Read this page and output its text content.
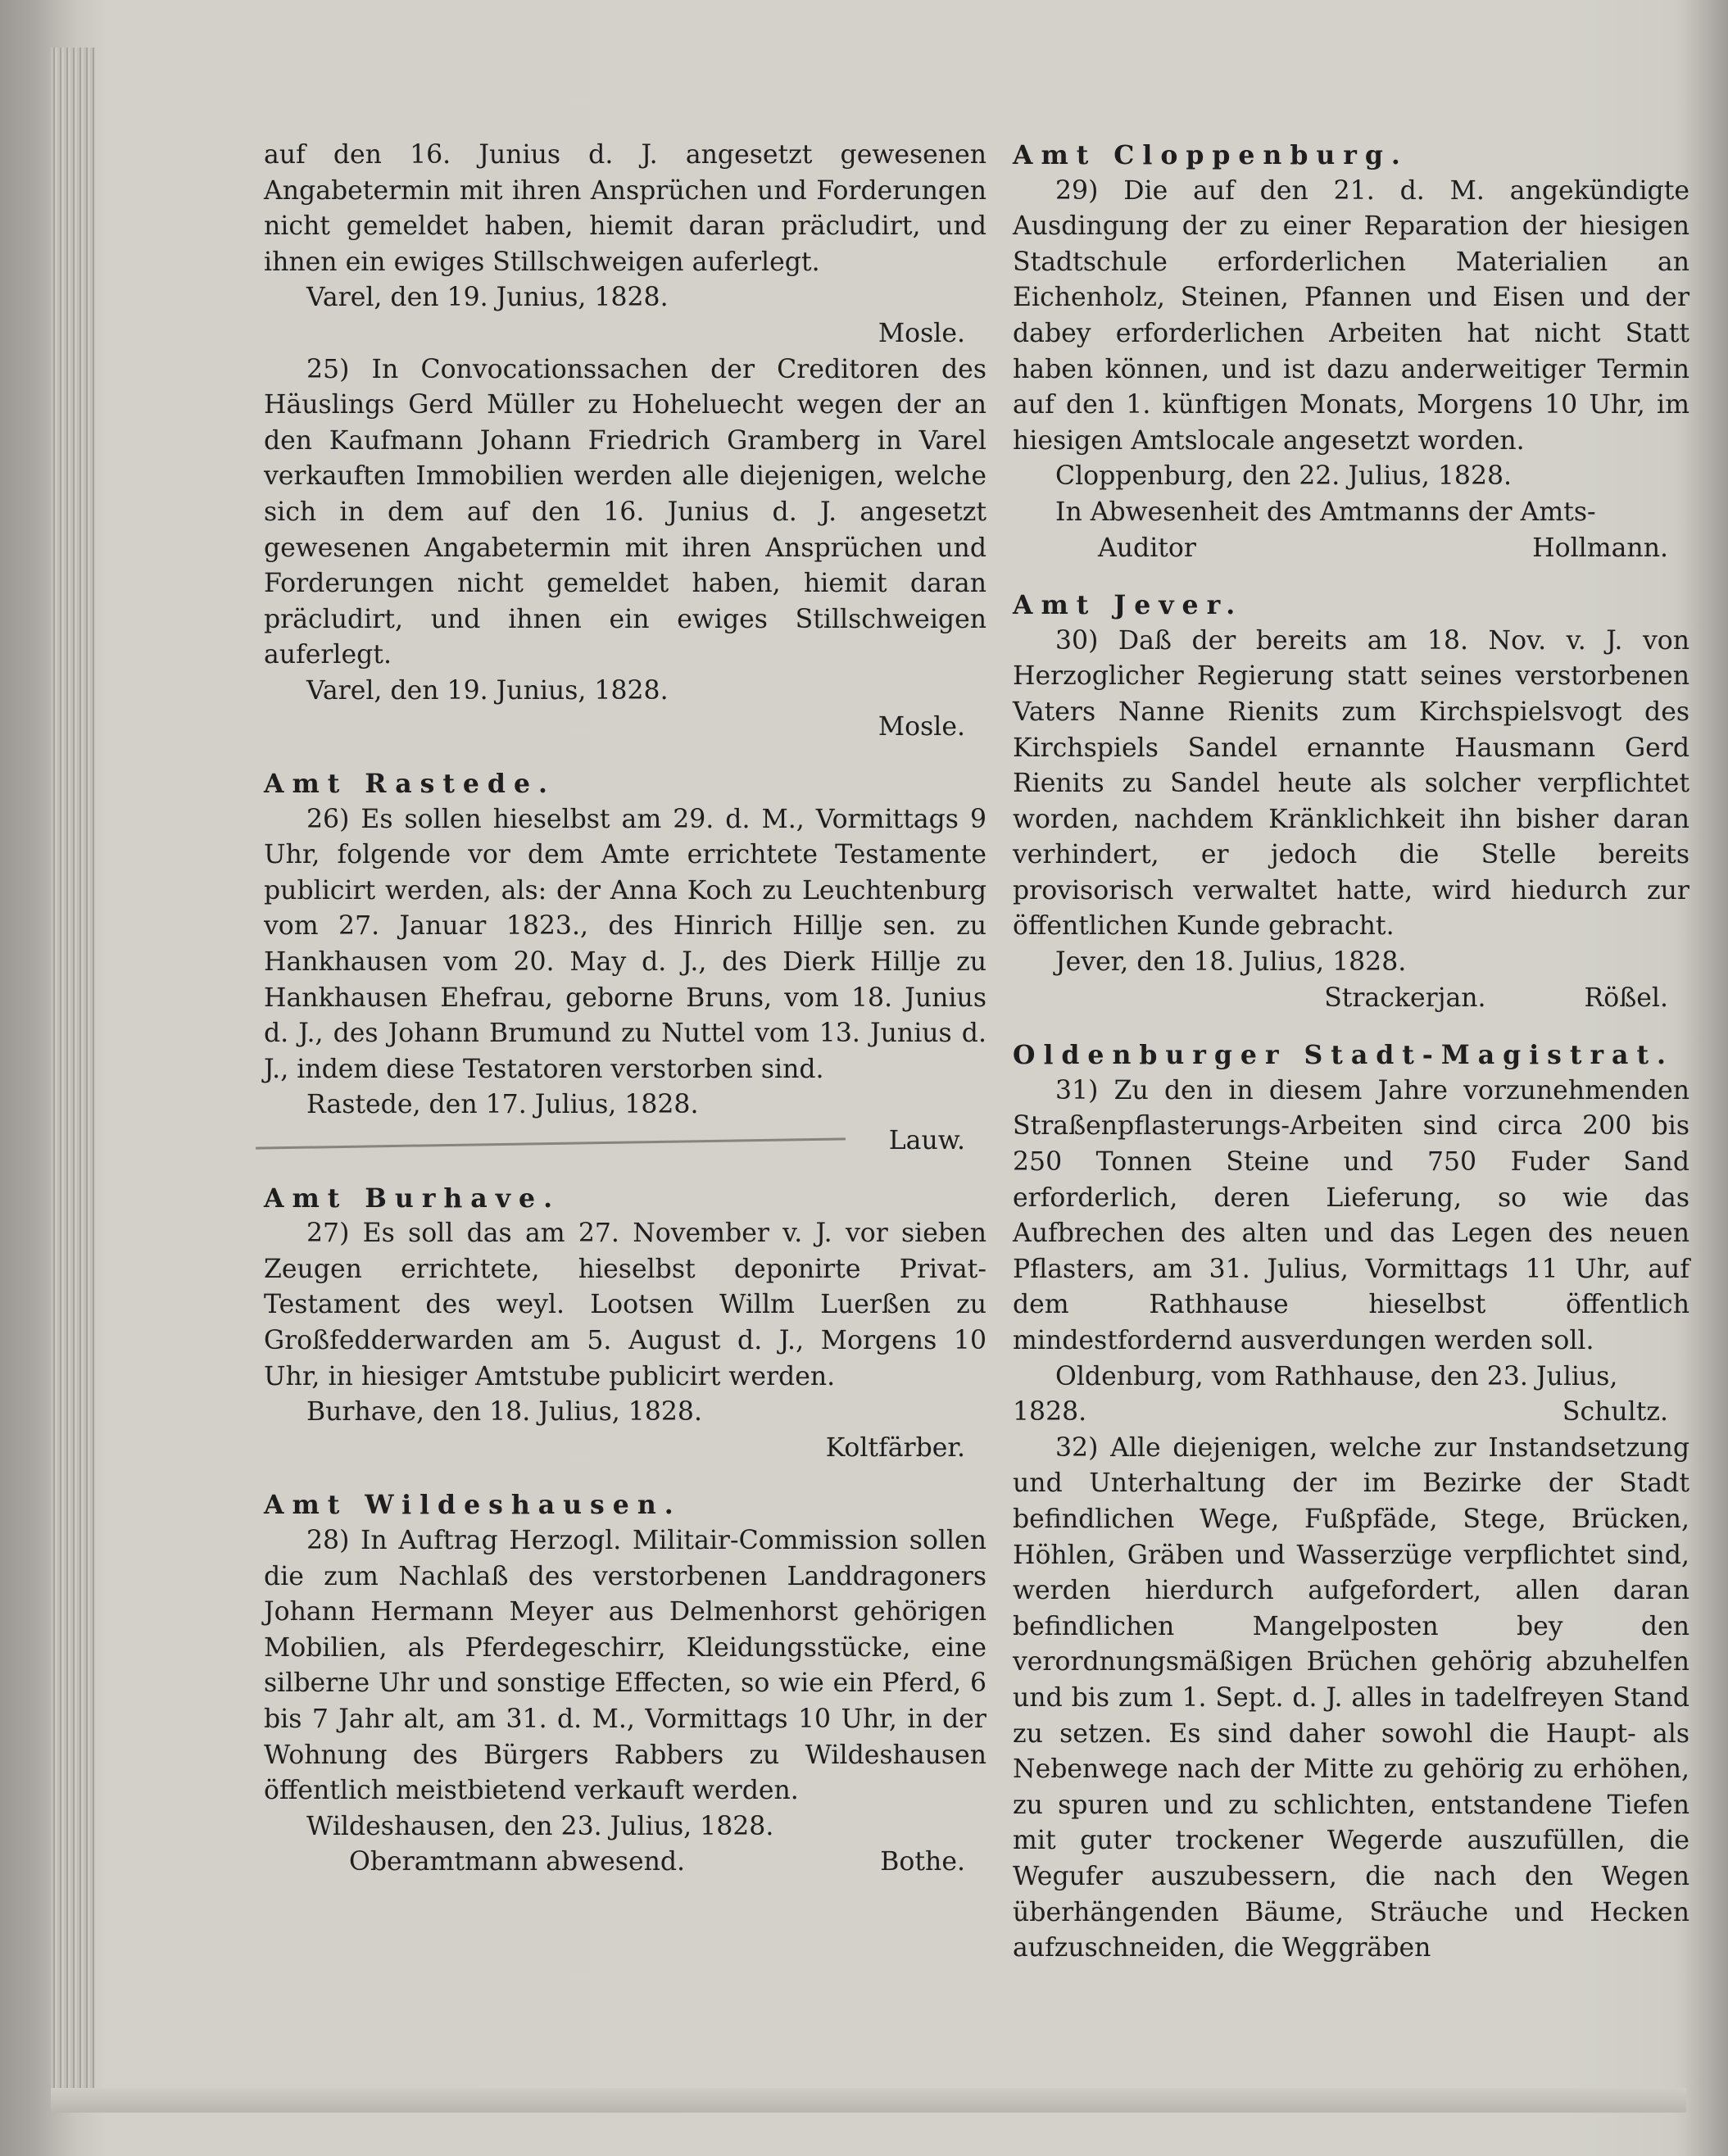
auf den 16. Junius d. J. angesetzt gewesenen Angabetermin mit ihren Ansprüchen und Forderungen nicht gemeldet haben, hiemit daran präcludirt, und ihnen ein ewiges Stillschweigen auferlegt.

Varel, den 19. Junius, 1828.
Mosle.

25) In Convocationssachen der Creditoren des Häuslings Gerd Müller zu Hoheluecht wegen der an den Kaufmann Johann Friedrich Gramberg in Varel verkauften Immobilien werden alle diejenigen, welche sich in dem auf den 16. Junius d. J. angesetzt gewesenen Angabetermin mit ihren Ansprüchen und Forderungen nicht gemeldet haben, hiemit daran präcludirt, und ihnen ein ewiges Stillschweigen auferlegt.

Varel, den 19. Junius, 1828.
Mosle.
Amt Rastede.

26) Es sollen hieselbst am 29. d. M., Vormittags 9 Uhr, folgende vor dem Amte errichtete Testamente publicirt werden, als: der Anna Koch zu Leuchtenburg vom 27. Januar 1823., des Hinrich Hillje sen. zu Hankhausen vom 20. May d. J., des Dierk Hillje zu Hankhausen Ehefrau, geborne Bruns, vom 18. Junius d. J., des Johann Brumund zu Nuttel vom 13. Junius d. J., indem diese Testatoren verstorben sind.

Rastede, den 17. Julius, 1828.
Lauw.
Amt Burhave.

27) Es soll das am 27. November v. J. vor sieben Zeugen errichtete, hieselbst deponirte Privat-Testament des weyl. Lootsen Willm Luerßen zu Großfedderwarden am 5. August d. J., Morgens 10 Uhr, in hiesiger Amtstube publicirt werden.

Burhave, den 18. Julius, 1828.
Koltfärber.
Amt Wildeshausen.

28) In Auftrag Herzogl. Militair-Commission sollen die zum Nachlaß des verstorbenen Landdragoners Johann Hermann Meyer aus Delmenhorst gehörigen Mobilien, als Pferdegeschirr, Kleidungsstücke, eine silberne Uhr und sonstige Effecten, so wie ein Pferd, 6 bis 7 Jahr alt, am 31. d. M., Vormittags 10 Uhr, in der Wohnung des Bürgers Rabbers zu Wildeshausen öffentlich meistbietend verkauft werden.

Wildeshausen, den 23. Julius, 1828.
Oberamtmann abwesend.	Bothe.
Amt Cloppenburg.

29) Die auf den 21. d. M. angekündigte Ausdingung der zu einer Reparation der hiesigen Stadtschule erforderlichen Materialien an Eichenholz, Steinen, Pfannen und Eisen und der dabey erforderlichen Arbeiten hat nicht Statt haben können, und ist dazu anderweitiger Termin auf den 1. künftigen Monats, Morgens 10 Uhr, im hiesigen Amtslocale angesetzt worden.

Cloppenburg, den 22. Julius, 1828.
In Abwesenheit des Amtmanns der Amts-
Auditor	Hollmann.
Amt Jever.

30) Daß der bereits am 18. Nov. v. J. von Herzoglicher Regierung statt seines verstorbenen Vaters Nanne Rienits zum Kirchspielsvogt des Kirchspiels Sandel ernannte Hausmann Gerd Rienits zu Sandel heute als solcher verpflichtet worden, nachdem Kränklichkeit ihn bisher daran verhindert, er jedoch die Stelle bereits provisorisch verwaltet hatte, wird hiedurch zur öffentlichen Kunde gebracht.

Jever, den 18. Julius, 1828.
Strackerjan.	Rößel.
Oldenburger Stadt-Magistrat.

31) Zu den in diesem Jahre vorzunehmenden Straßenpflasterungs-Arbeiten sind circa 200 bis 250 Tonnen Steine und 750 Fuder Sand erforderlich, deren Lieferung, so wie das Aufbrechen des alten und das Legen des neuen Pflasters, am 31. Julius, Vormittags 11 Uhr, auf dem Rathhause hieselbst öffentlich mindestfordernd ausverdungen werden soll.

Oldenburg, vom Rathhause, den 23. Julius,
1828.	Schultz.

32) Alle diejenigen, welche zur Instandsetzung und Unterhaltung der im Bezirke der Stadt befindlichen Wege, Fußpfäde, Stege, Brücken, Höhlen, Gräben und Wasserzüge verpflichtet sind, werden hierdurch aufgefordert, allen daran befindlichen Mangelposten bey den verordnungsmäßigen Brüchen gehörig abzuhelfen und bis zum 1. Sept. d. J. alles in tadelfreyen Stand zu setzen. Es sind daher sowohl die Haupt- als Nebenwege nach der Mitte zu gehörig zu erhöhen, zu spuren und zu schlichten, entstandene Tiefen mit guter trockener Wegerde auszufüllen, die Wegufer auszubessern, die nach den Wegen überhängenden Bäume, Sträuche und Hecken aufzuschneiden, die Weggräben
